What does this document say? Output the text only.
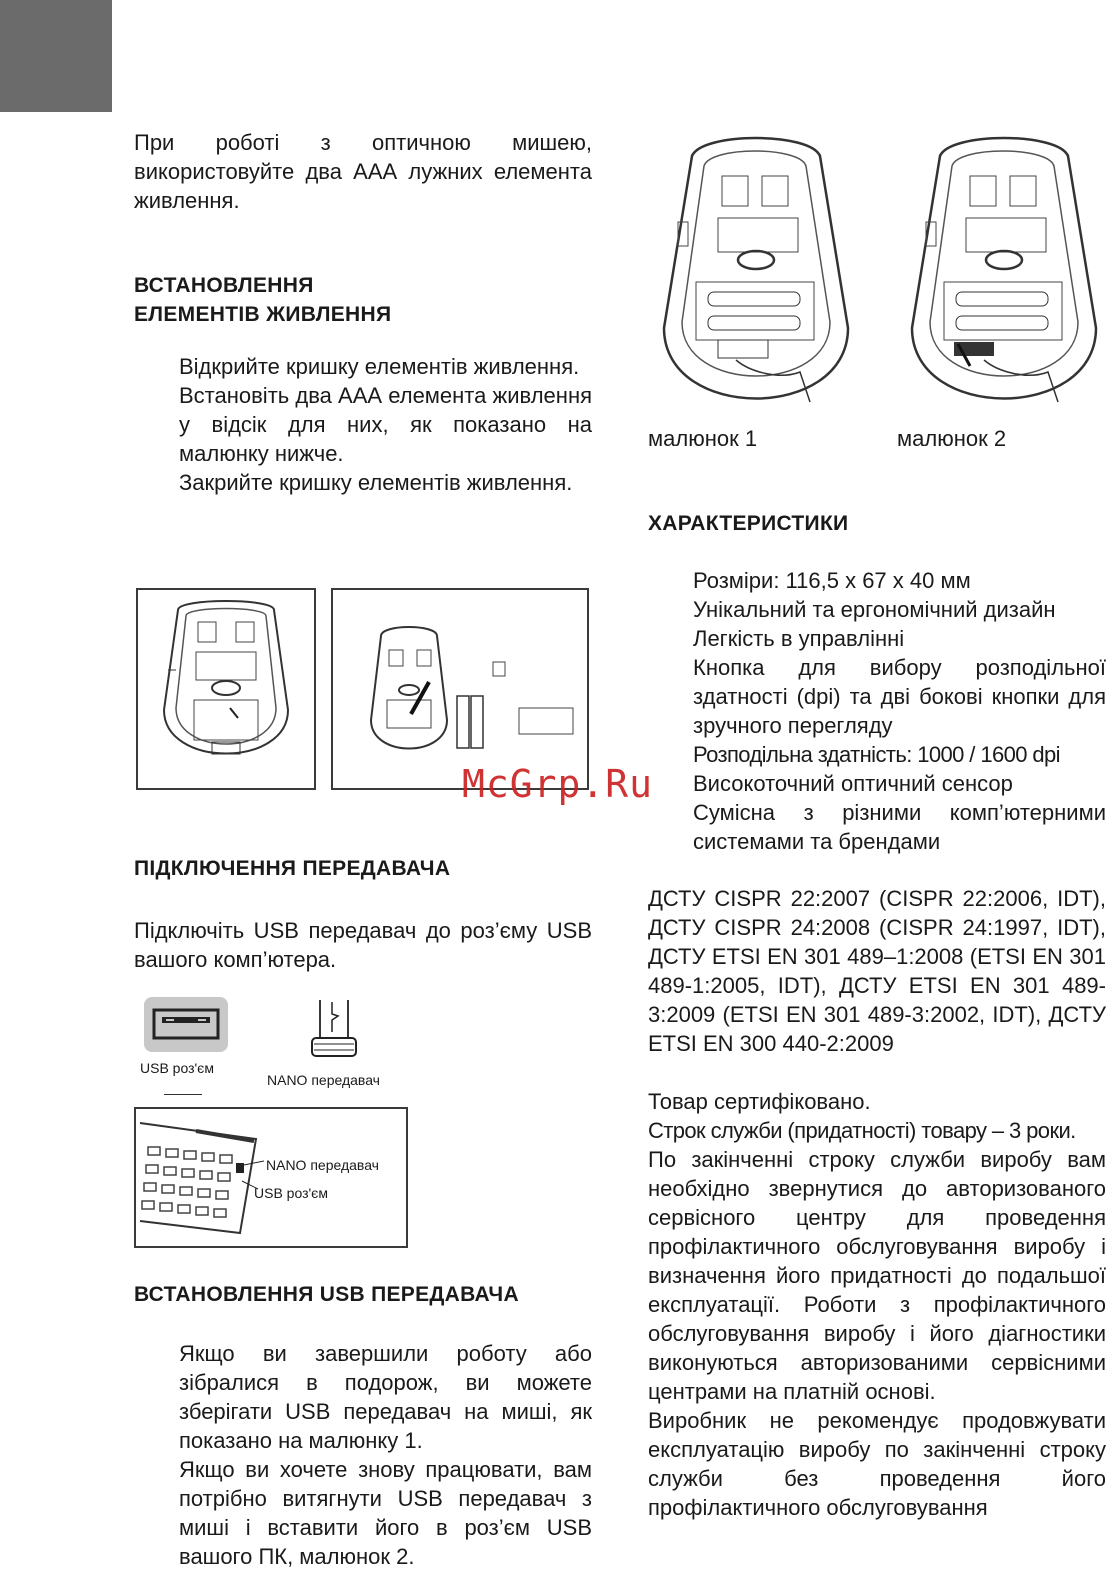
При роботі з оптичною мишею, використовуйте два ААА лужних елемента живлення.

ВСТАНОВЛЕННЯ

ЕЛЕМЕНТІВ ЖИВЛЕННЯ

Відкрийте кришку елементів живлення.

Встановіть два ААА елемента живлення у відсік для них, як показано на малюнку нижче.

Закрийте кришку елементів живлення.

ПІДКЛЮЧЕННЯ ПЕРЕДАВАЧА

Підключіть USB передавач до роз’єму USB вашого комп’ютера.

USB роз'єм
NANO передавач
NANO передавач
USB роз'єм

ВСТАНОВЛЕННЯ USB ПЕРЕДАВАЧА

Якщо ви завершили роботу або зібралися в подорож, ви можете зберігати USB передавач на миші, як показано на малюнку 1.

Якщо ви хочете знову працювати, вам потрібно витягнути USB передавач з миші і вставити його в роз’єм USB вашого ПК, малюнок 2.

малюнок 1	малюнок 2

ХАРАКТЕРИСТИКИ

Розміри: 116,5 x 67 x 40 мм

Унікальний та ергономічний дизайн

Легкість в управлінні

Кнопка для вибору розподільної здатності (dpi) та дві бокові кнопки для зручного перегляду

Розподільна здатність: 1000 / 1600 dpi

Високоточний оптичний сенсор

Сумісна з різними комп’ютерними системами та брендами

ДСТУ CISPR 22:2007 (CISPR 22:2006, IDT), ДСТУ CISPR 24:2008 (CISPR 24:1997, IDT), ДСТУ ETSI EN 301 489–1:2008 (ETSI EN 301 489-1:2005, IDT), ДСТУ ETSI EN 301 489-3:2009 (ETSI EN 301 489-3:2002, IDT), ДСТУ ETSI EN 300 440-2:2009

Товар сертифіковано.

Строк служби (придатності) товару – 3 роки.

По закінченні строку служби виробу вам необхідно звернутися до авторизованого сервісного центру для проведення профілактичного обслуговування виробу і визначення його придатності до подальшої експлуатації. Роботи з профілактичного обслуговування виробу і його діагностики виконуються авторизованими сервісними центрами на платній основі.

Виробник не рекомендує продовжувати експлуатацію виробу по закінченні строку служби без проведення його профілактичного обслуговування

McGrp.Ru
